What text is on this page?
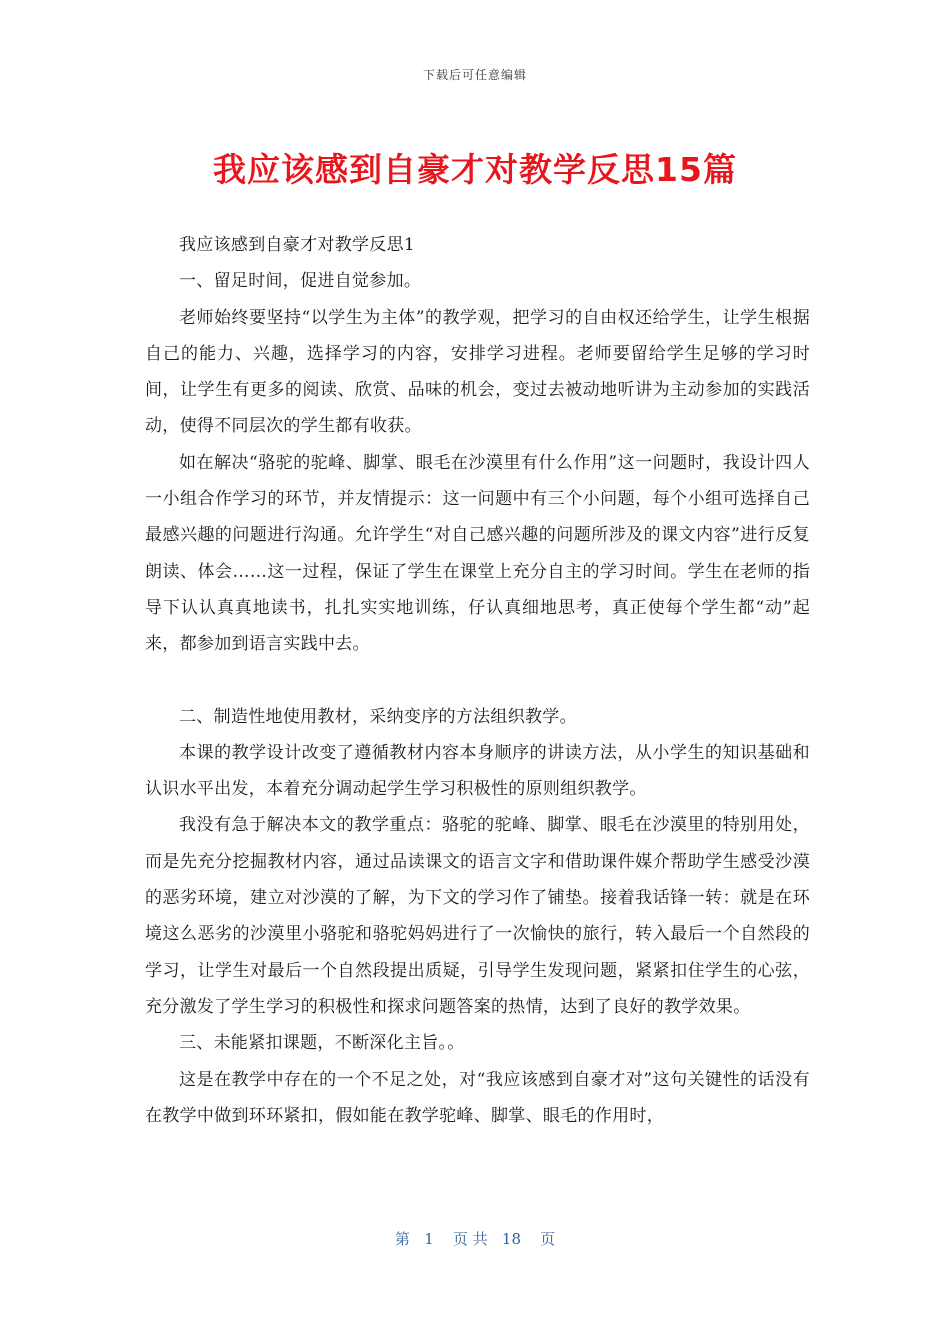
下载后可任意编辑
我应该感到自豪才对教学反思15篇

我应该感到自豪才对教学反思1

一、留足时间，促进自觉参加。

老师始终要坚持“以学生为主体”的教学观，把学习的自由权还给学生，让学生根据自己的能力、兴趣，选择学习的内容，安排学习进程。老师要留给学生足够的学习时间，让学生有更多的阅读、欣赏、品味的机会，变过去被动地听讲为主动参加的实践活动，使得不同层次的学生都有收获。

如在解决“骆驼的驼峰、脚掌、眼毛在沙漠里有什么作用”这一问题时，我设计四人一小组合作学习的环节，并友情提示：这一问题中有三个小问题，每个小组可选择自己最感兴趣的问题进行沟通。允许学生“对自己感兴趣的问题所涉及的课文内容”进行反复朗读、体会……这一过程，保证了学生在课堂上充分自主的学习时间。学生在老师的指导下认认真真地读书，扎扎实实地训练，仔认真细地思考，真正使每个学生都“动”起来，都参加到语言实践中去。

二、制造性地使用教材，采纳变序的方法组织教学。

本课的教学设计改变了遵循教材内容本身顺序的讲读方法，从小学生的知识基础和认识水平出发，本着充分调动起学生学习积极性的原则组织教学。

我没有急于解决本文的教学重点：骆驼的驼峰、脚掌、眼毛在沙漠里的特别用处，而是先充分挖掘教材内容，通过品读课文的语言文字和借助课件媒介帮助学生感受沙漠的恶劣环境，建立对沙漠的了解，为下文的学习作了铺垫。接着我话锋一转：就是在环境这么恶劣的沙漠里小骆驼和骆驼妈妈进行了一次愉快的旅行，转入最后一个自然段的学习，让学生对最后一个自然段提出质疑，引导学生发现问题，紧紧扣住学生的心弦，充分激发了学生学习的积极性和探求问题答案的热情，达到了良好的教学效果。

三、未能紧扣课题，不断深化主旨。。

这是在教学中存在的一个不足之处，对“我应该感到自豪才对”这句关键性的话没有在教学中做到环环紧扣，假如能在教学驼峰、脚掌、眼毛的作用时，

第   1    页 共   18    页
